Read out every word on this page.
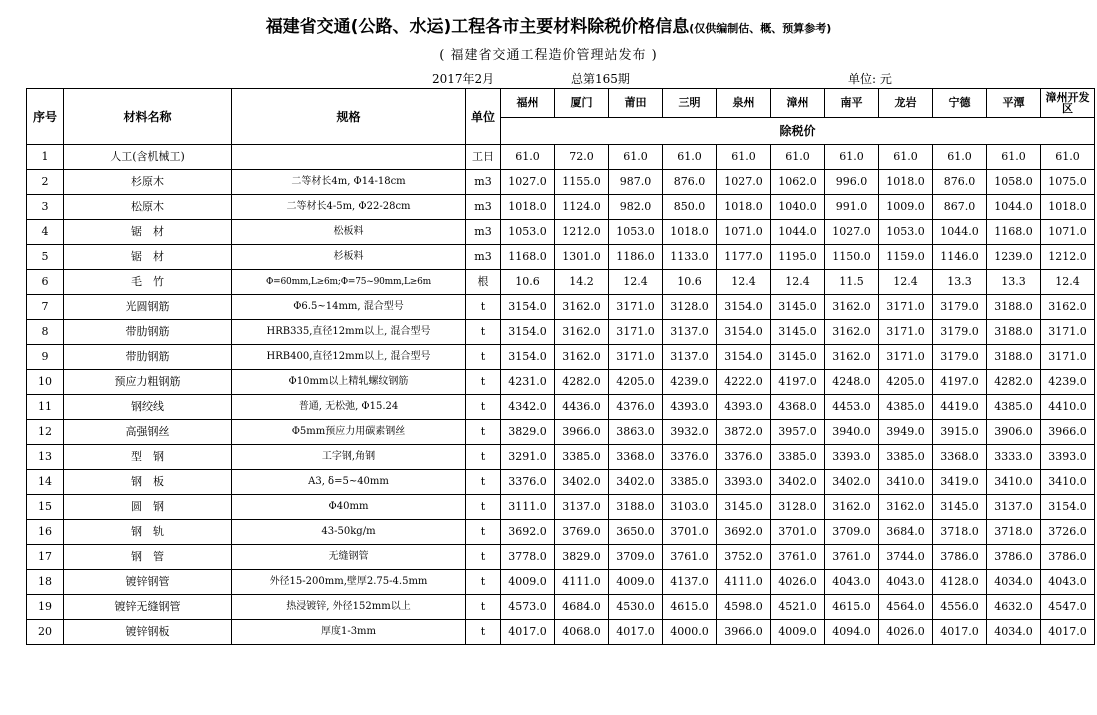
福建省交通(公路、水运)工程各市主要材料除税价格信息(仅供编制估、概、预算参考)
( 福建省交通工程造价管理站发布 )
2017年2月	总第165期	单位: 元
序号	材料名称	规格	单位	福州	厦门	莆田	三明	泉州	漳州	南平	龙岩	宁德	平潭	漳州开发区
				除税价										
1	人工(含机械工)		工日	61.0	72.0	61.0	61.0	61.0	61.0	61.0	61.0	61.0	61.0	61.0
2	杉原木	二等材长4m, Φ14-18cm	m3	1027.0	1155.0	987.0	876.0	1027.0	1062.0	996.0	1018.0	876.0	1058.0	1075.0
3	松原木	二等材长4-5m, Φ22-28cm	m3	1018.0	1124.0	982.0	850.0	1018.0	1040.0	991.0	1009.0	867.0	1044.0	1018.0
4	锯　材	松板料	m3	1053.0	1212.0	1053.0	1018.0	1071.0	1044.0	1027.0	1053.0	1044.0	1168.0	1071.0
5	锯　材	杉板料	m3	1168.0	1301.0	1186.0	1133.0	1177.0	1195.0	1150.0	1159.0	1146.0	1239.0	1212.0
6	毛　竹	Φ=60mm,L≥6m;Φ=75~90mm,L≥6m	根	10.6	14.2	12.4	10.6	12.4	12.4	11.5	12.4	13.3	13.3	12.4
7	光圆钢筋	Φ6.5~14mm, 混合型号	t	3154.0	3162.0	3171.0	3128.0	3154.0	3145.0	3162.0	3171.0	3179.0	3188.0	3162.0
8	带肋钢筋	HRB335,直径12mm以上, 混合型号	t	3154.0	3162.0	3171.0	3137.0	3154.0	3145.0	3162.0	3171.0	3179.0	3188.0	3171.0
9	带肋钢筋	HRB400,直径12mm以上, 混合型号	t	3154.0	3162.0	3171.0	3137.0	3154.0	3145.0	3162.0	3171.0	3179.0	3188.0	3171.0
10	预应力粗钢筋	Φ10mm以上精轧螺纹钢筋	t	4231.0	4282.0	4205.0	4239.0	4222.0	4197.0	4248.0	4205.0	4197.0	4282.0	4239.0
11	钢绞线	普通, 无松弛, Φ15.24	t	4342.0	4436.0	4376.0	4393.0	4393.0	4368.0	4453.0	4385.0	4419.0	4385.0	4410.0
12	高强钢丝	Φ5mm预应力用碳素钢丝	t	3829.0	3966.0	3863.0	3932.0	3872.0	3957.0	3940.0	3949.0	3915.0	3906.0	3966.0
13	型　钢	工字钢,角钢	t	3291.0	3385.0	3368.0	3376.0	3376.0	3385.0	3393.0	3385.0	3368.0	3333.0	3393.0
14	钢　板	A3, δ=5~40mm	t	3376.0	3402.0	3402.0	3385.0	3393.0	3402.0	3402.0	3410.0	3419.0	3410.0	3410.0
15	圆　钢	Φ40mm	t	3111.0	3137.0	3188.0	3103.0	3145.0	3128.0	3162.0	3162.0	3145.0	3137.0	3154.0
16	钢　轨	43-50kg/m	t	3692.0	3769.0	3650.0	3701.0	3692.0	3701.0	3709.0	3684.0	3718.0	3718.0	3726.0
17	钢　管	无缝钢管	t	3778.0	3829.0	3709.0	3761.0	3752.0	3761.0	3761.0	3744.0	3786.0	3786.0	3786.0
18	镀锌钢管	外径15-200mm,壁厚2.75-4.5mm	t	4009.0	4111.0	4009.0	4137.0	4111.0	4026.0	4043.0	4043.0	4128.0	4034.0	4043.0
19	镀锌无缝钢管	热浸镀锌, 外径152mm以上	t	4573.0	4684.0	4530.0	4615.0	4598.0	4521.0	4615.0	4564.0	4556.0	4632.0	4547.0
20	镀锌钢板	厚度1-3mm	t	4017.0	4068.0	4017.0	4000.0	3966.0	4009.0	4094.0	4026.0	4017.0	4034.0	4017.0
